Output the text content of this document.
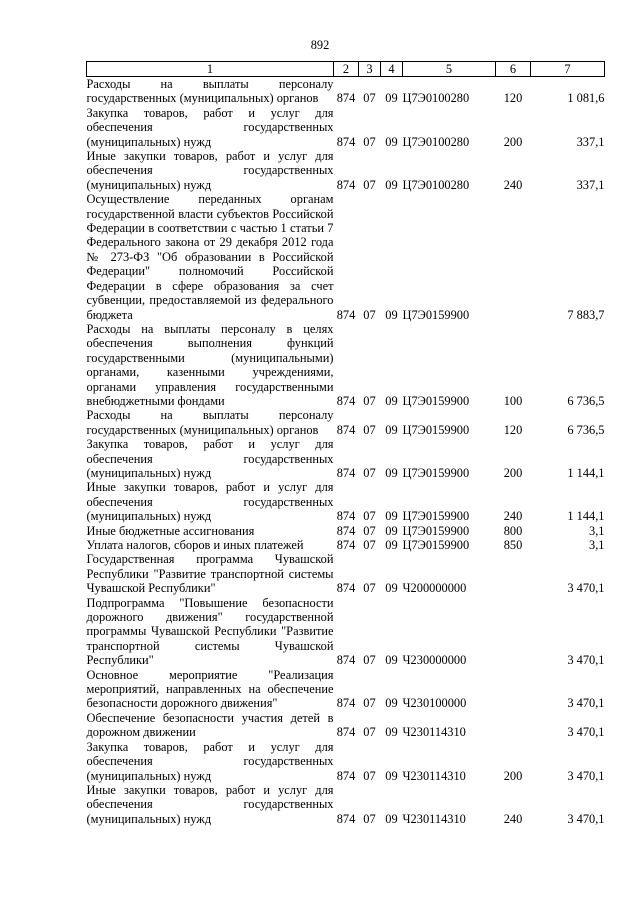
892
1	2	3	4	5	6	7
Расходы на выплаты персоналу государственных (муниципальных) органов	874	07	09	Ц7Э0100280	120	1 081,6
Закупка товаров, работ и услуг для обеспечения государственных (муниципальных) нужд	874	07	09	Ц7Э0100280	200	337,1
Иные закупки товаров, работ и услуг для обеспечения государственных (муниципальных) нужд	874	07	09	Ц7Э0100280	240	337,1
Осуществление переданных органам государственной власти субъектов Российской Федерации в соответствии с частью 1 статьи 7 Федерального закона от 29 декабря 2012 года № 273-ФЗ "Об образовании в Российской Федерации" полномочий Российской Федерации в сфере образования за счет субвенции, предоставляемой из федерального бюджета	874	07	09	Ц7Э0159900		7 883,7
Расходы на выплаты персоналу в целях обеспечения выполнения функций государственными (муниципальными) органами, казенными учреждениями, органами управления государственными внебюджетными фондами	874	07	09	Ц7Э0159900	100	6 736,5
Расходы на выплаты персоналу государственных (муниципальных) органов	874	07	09	Ц7Э0159900	120	6 736,5
Закупка товаров, работ и услуг для обеспечения государственных (муниципальных) нужд	874	07	09	Ц7Э0159900	200	1 144,1
Иные закупки товаров, работ и услуг для обеспечения государственных (муниципальных) нужд	874	07	09	Ц7Э0159900	240	1 144,1
Иные бюджетные ассигнования	874	07	09	Ц7Э0159900	800	3,1
Уплата налогов, сборов и иных платежей	874	07	09	Ц7Э0159900	850	3,1
Государственная программа Чувашской Республики "Развитие транспортной системы Чувашской Республики"	874	07	09	Ч200000000		3 470,1
Подпрограмма "Повышение безопасности дорожного движения" государственной программы Чувашской Республики "Развитие транспортной системы Чувашской Республики"	874	07	09	Ч230000000		3 470,1
Основное мероприятие "Реализация мероприятий, направленных на обеспечение безопасности дорожного движения"	874	07	09	Ч230100000		3 470,1
Обеспечение безопасности участия детей в дорожном движении	874	07	09	Ч230114310		3 470,1
Закупка товаров, работ и услуг для обеспечения государственных (муниципальных) нужд	874	07	09	Ч230114310	200	3 470,1
Иные закупки товаров, работ и услуг для обеспечения государственных (муниципальных) нужд	874	07	09	Ч230114310	240	3 470,1
